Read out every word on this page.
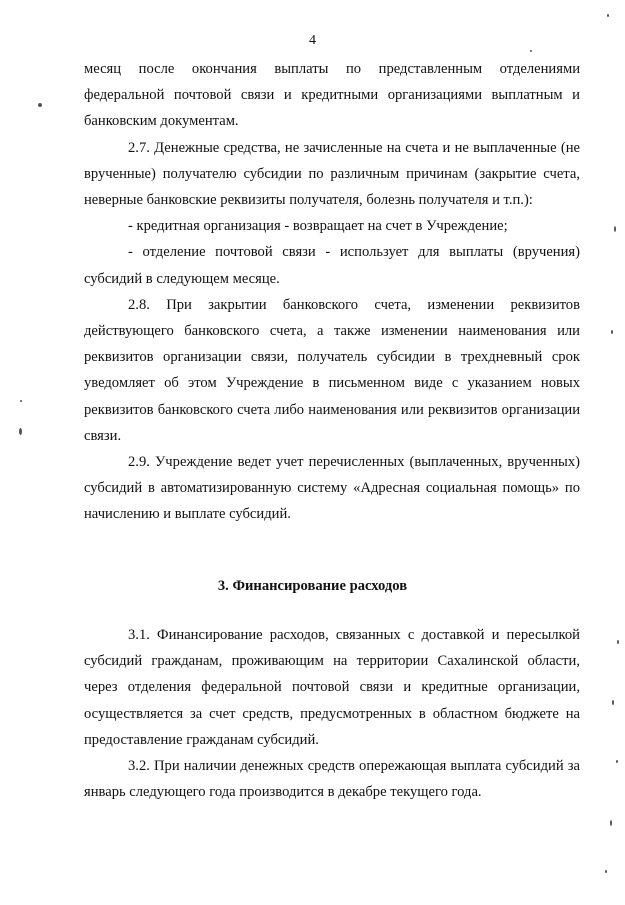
4

месяц после окончания выплаты по представленным отделениями федеральной почтовой связи и кредитными организациями выплатным и банковским документам.

2.7. Денежные средства, не зачисленные на счета и не выплаченные (не врученные) получателю субсидии по различным причинам (закрытие счета, неверные банковские реквизиты получателя, болезнь получателя и т.п.):

- кредитная организация - возвращает на счет в Учреждение;

- отделение почтовой связи - использует для выплаты (вручения) субсидий в следующем месяце.

2.8. При закрытии банковского счета, изменении реквизитов действующего банковского счета, а также изменении наименования или реквизитов организации связи, получатель субсидии в трехдневный срок уведомляет об этом Учреждение в письменном виде с указанием новых реквизитов банковского счета либо наименования или реквизитов организации связи.

2.9. Учреждение ведет учет перечисленных (выплаченных, врученных) субсидий в автоматизированную систему «Адресная социальная помощь» по начислению и выплате субсидий.

3. Финансирование расходов

3.1. Финансирование расходов, связанных с доставкой и пересылкой субсидий гражданам, проживающим на территории Сахалинской области, через отделения федеральной почтовой связи и кредитные организации, осуществляется за счет средств, предусмотренных в областном бюджете на предоставление гражданам субсидий.

3.2. При наличии денежных средств опережающая выплата субсидий за январь следующего года производится в декабре текущего года.
